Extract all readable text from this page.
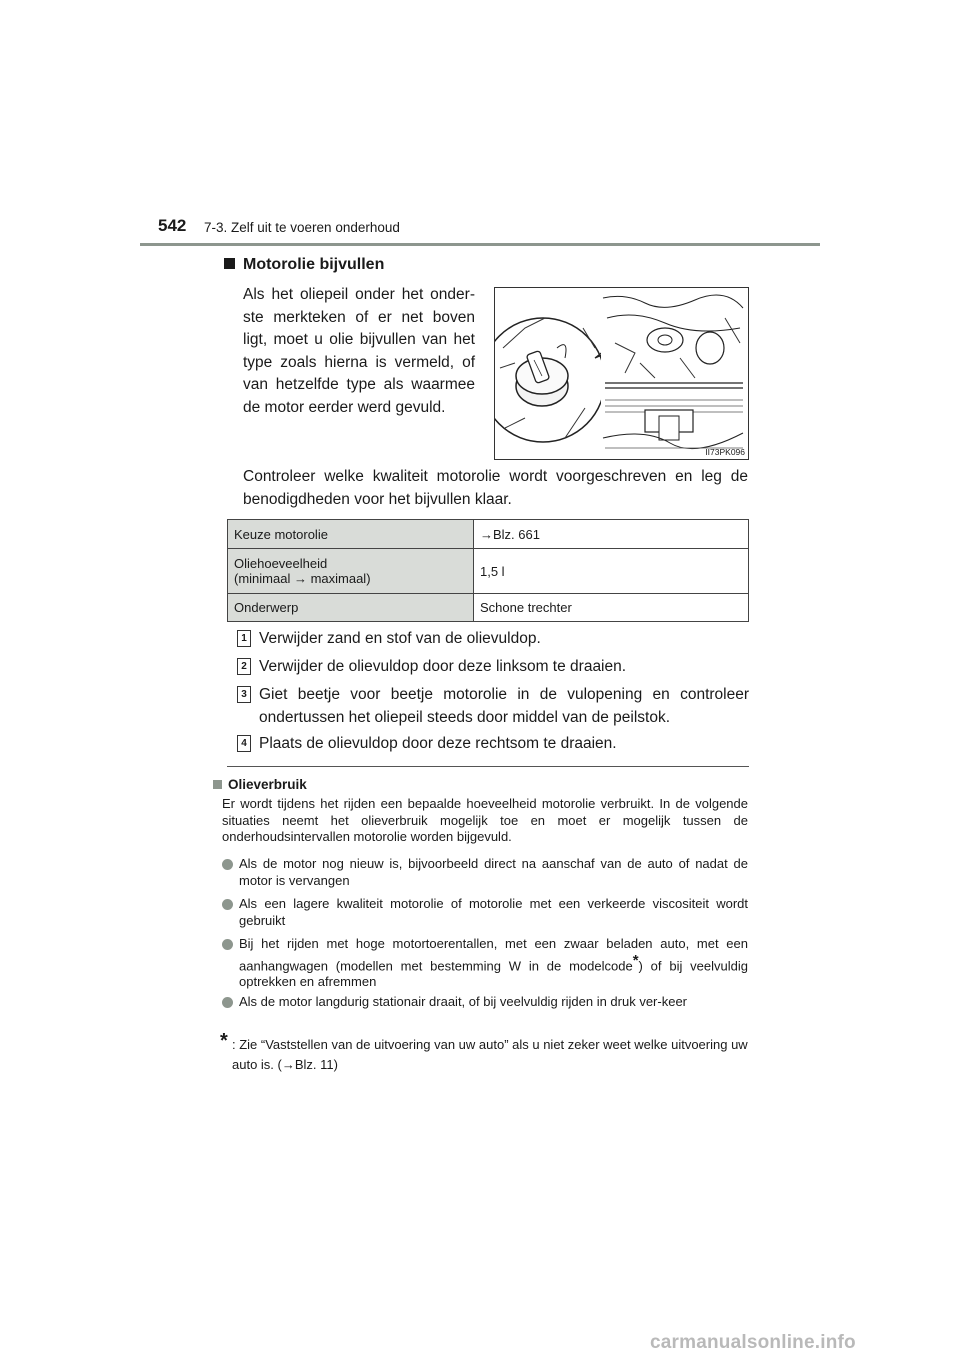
542 7-3. Zelf uit te voeren onderhoud
Motorolie bijvullen

Als het oliepeil onder het onder-ste merkteken of er net boven ligt, moet u olie bijvullen van het type zoals hierna is vermeld, of van hetzelfde type als waarmee de motor eerder werd gevuld.

II73PK096

Controleer welke kwaliteit motorolie wordt voorgeschreven en leg de benodigdheden voor het bijvullen klaar.

Keuze motorolie	→Blz. 661
Oliehoeveelheid
(minimaal → maximaal)	1,5 l
Onderwerp	Schone trechter
1 Verwijder zand en stof van de olievuldop.
2 Verwijder de olievuldop door deze linksom te draaien.
3 Giet beetje voor beetje motorolie in de vulopening en controleer ondertussen het oliepeil steeds door middel van de peilstok.
4 Plaats de olievuldop door deze rechtsom te draaien.
Olieverbruik

Er wordt tijdens het rijden een bepaalde hoeveelheid motorolie verbruikt. In de volgende situaties neemt het olieverbruik mogelijk toe en moet er mogelijk tussen de onderhoudsintervallen motorolie worden bijgevuld.

Als de motor nog nieuw is, bijvoorbeeld direct na aanschaf van de auto of nadat de motor is vervangen
Als een lagere kwaliteit motorolie of motorolie met een verkeerde viscositeit wordt gebruikt
Bij het rijden met hoge motortoerentallen, met een zwaar beladen auto, met een aanhangwagen (modellen met bestemming W in de modelcode*) of bij veelvuldig optrekken en afremmen
Als de motor langdurig stationair draait, of bij veelvuldig rijden in druk ver-keer
* : Zie “Vaststellen van de uitvoering van uw auto” als u niet zeker weet welke uitvoering uw auto is. (→Blz. 11)
carmanualsonline.info
